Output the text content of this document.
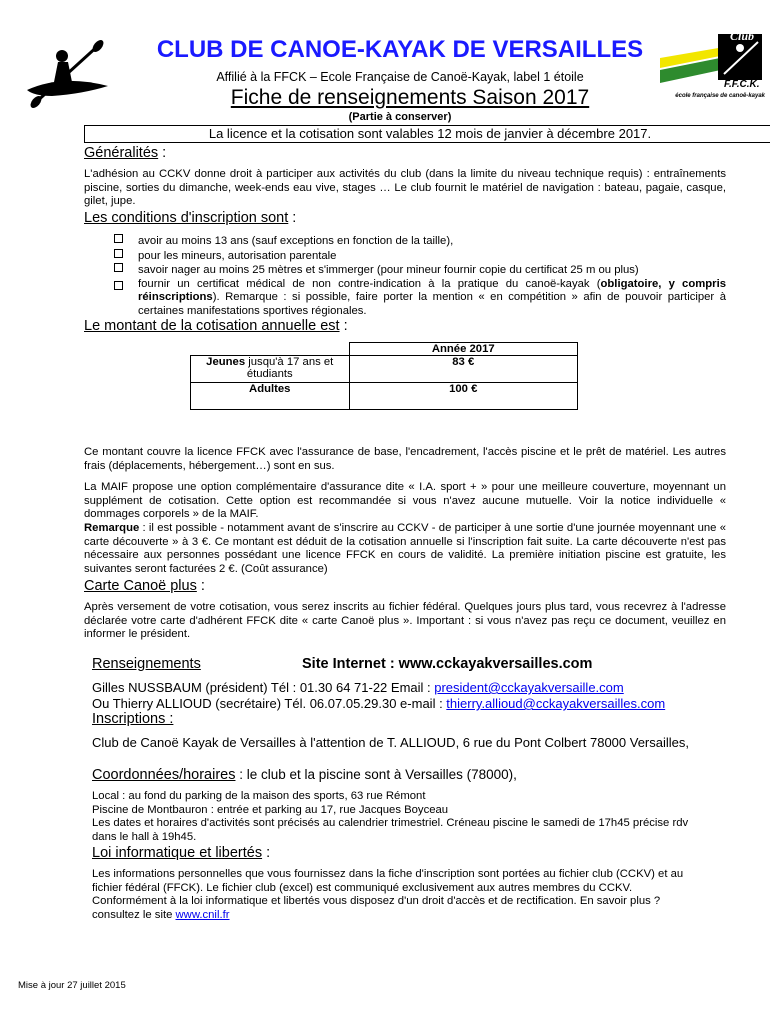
Club
F.F.C.K.
école française de canoë-kayak
CLUB DE CANOE-KAYAK DE VERSAILLES
Affilié à la FFCK – Ecole Française de Canoë-Kayak, label 1 étoile
Fiche de renseignements Saison 2017
(Partie à conserver)
La licence et la cotisation sont valables 12 mois de janvier à décembre 2017.
Généralités :
L'adhésion au CCKV donne droit à participer aux activités du club (dans la limite du niveau technique requis) : entraînements piscine, sorties du dimanche, week-ends eau vive, stages … Le club fournit le matériel de navigation : bateau, pagaie, casque, gilet, jupe.
Les conditions d'inscription sont :
avoir au moins 13 ans (sauf exceptions en fonction de la taille),
pour les mineurs, autorisation parentale
savoir nager au moins 25 mètres et s'immerger (pour mineur fournir copie du certificat 25 m ou plus)
fournir un certificat médical de non contre-indication à la pratique du canoë-kayak (obligatoire, y compris réinscriptions). Remarque : si possible, faire porter la mention « en compétition » afin de pouvoir participer à certaines manifestations sportives régionales.
Le montant de la cotisation annuelle est :
	Année 2017
Jeunes jusqu'à 17 ans et étudiants	83 €
Adultes	100 €
Ce montant couvre la licence FFCK avec l'assurance de base, l'encadrement, l'accès piscine et le prêt de matériel. Les autres frais (déplacements, hébergement…) sont en sus.
La MAIF propose une option complémentaire d'assurance dite « I.A. sport + » pour une meilleure couverture, moyennant un supplément de cotisation. Cette option est recommandée si vous n'avez aucune mutuelle. Voir la notice individuelle « dommages corporels » de la MAIF.
Remarque : il est possible - notamment avant de s'inscrire au CCKV - de participer à une sortie d'une journée moyennant une « carte découverte » à 3 €. Ce montant est déduit de la cotisation annuelle si l'inscription fait suite. La carte découverte n'est pas nécessaire aux personnes possédant une licence FFCK en cours de validité. La première initiation piscine est gratuite, les suivantes seront facturées 2 €. (Coût assurance)
Carte Canoë plus :
Après versement de votre cotisation, vous serez inscrits au fichier fédéral. Quelques jours plus tard, vous recevrez à l'adresse déclarée votre carte d'adhérent FFCK dite « carte Canoë plus ». Important : si vous n'avez pas reçu ce document, veuillez en informer le président.
Renseignements	Site Internet : www.cckayakversailles.com
Gilles NUSSBAUM (président) Tél : 01.30 64 71-22 Email : president@cckayakversaille.com
Ou Thierry ALLIOUD (secrétaire) Tél. 06.07.05.29.30 e-mail : thierry.allioud@cckayakversailles.com
Inscriptions :
Club de Canoë Kayak de Versailles à l'attention de T. ALLIOUD, 6 rue du Pont Colbert 78000 Versailles,
Coordonnées/horaires : le club et la piscine sont à Versailles (78000),
Local : au fond du parking de la maison des sports, 63 rue Rémont
Piscine de Montbauron : entrée et parking au 17, rue Jacques Boyceau
Les dates et horaires d'activités sont précisés au calendrier trimestriel. Créneau piscine le samedi de 17h45 précise rdv dans le hall à 19h45.
Loi informatique et libertés :
Les informations personnelles que vous fournissez dans la fiche d'inscription sont portées au fichier club (CCKV) et au fichier fédéral (FFCK). Le fichier club (excel) est communiqué exclusivement aux autres membres du CCKV. Conformément à la loi informatique et libertés vous disposez d'un droit d'accès et de rectification. En savoir plus ? consultez le site www.cnil.fr
Mise à jour 27 juillet 2015
